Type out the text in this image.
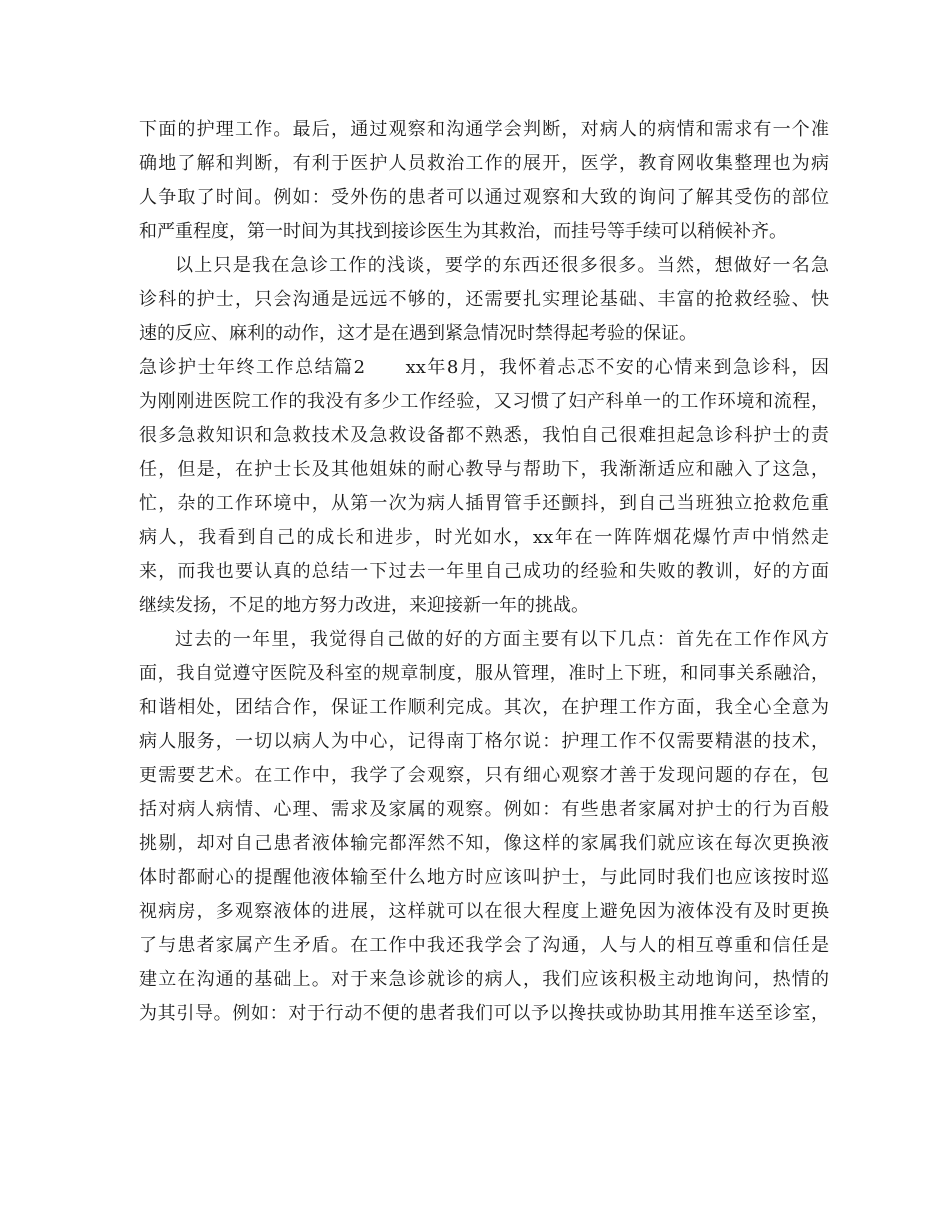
下面的护理工作。最后，通过观察和沟通学会判断，对病人的病情和需求有一个准
确地了解和判断，有利于医护人员救治工作的展开，医学，教育网收集整理也为病
人争取了时间。例如：受外伤的患者可以通过观察和大致的询问了解其受伤的部位
和严重程度，第一时间为其找到接诊医生为其救治，而挂号等手续可以稍候补齐。
以上只是我在急诊工作的浅谈，要学的东西还很多很多。当然，想做好一名急
诊科的护士，只会沟通是远远不够的，还需要扎实理论基础、丰富的抢救经验、快
速的反应、麻利的动作，这才是在遇到紧急情况时禁得起考验的保证。
急诊护士年终工作总结篇2　　xx年8月，我怀着忐忑不安的心情来到急诊科，因
为刚刚进医院工作的我没有多少工作经验，又习惯了妇产科单一的工作环境和流程，
很多急救知识和急救技术及急救设备都不熟悉，我怕自己很难担起急诊科护士的责
任，但是，在护士长及其他姐妹的耐心教导与帮助下，我渐渐适应和融入了这急，
忙，杂的工作环境中，从第一次为病人插胃管手还颤抖，到自己当班独立抢救危重
病人，我看到自己的成长和进步，时光如水，xx年在一阵阵烟花爆竹声中悄然走
来，而我也要认真的总结一下过去一年里自己成功的经验和失败的教训，好的方面
继续发扬，不足的地方努力改进，来迎接新一年的挑战。
过去的一年里，我觉得自己做的好的方面主要有以下几点：首先在工作作风方
面，我自觉遵守医院及科室的规章制度，服从管理，准时上下班，和同事关系融洽，
和谐相处，团结合作，保证工作顺利完成。其次，在护理工作方面，我全心全意为
病人服务，一切以病人为中心，记得南丁格尔说：护理工作不仅需要精湛的技术，
更需要艺术。在工作中，我学了会观察，只有细心观察才善于发现问题的存在，包
括对病人病情、心理、需求及家属的观察。例如：有些患者家属对护士的行为百般
挑剔，却对自己患者液体输完都浑然不知，像这样的家属我们就应该在每次更换液
体时都耐心的提醒他液体输至什么地方时应该叫护士，与此同时我们也应该按时巡
视病房，多观察液体的进展，这样就可以在很大程度上避免因为液体没有及时更换
了与患者家属产生矛盾。在工作中我还我学会了沟通，人与人的相互尊重和信任是
建立在沟通的基础上。对于来急诊就诊的病人，我们应该积极主动地询问，热情的
为其引导。例如：对于行动不便的患者我们可以予以搀扶或协助其用推车送至诊室，
